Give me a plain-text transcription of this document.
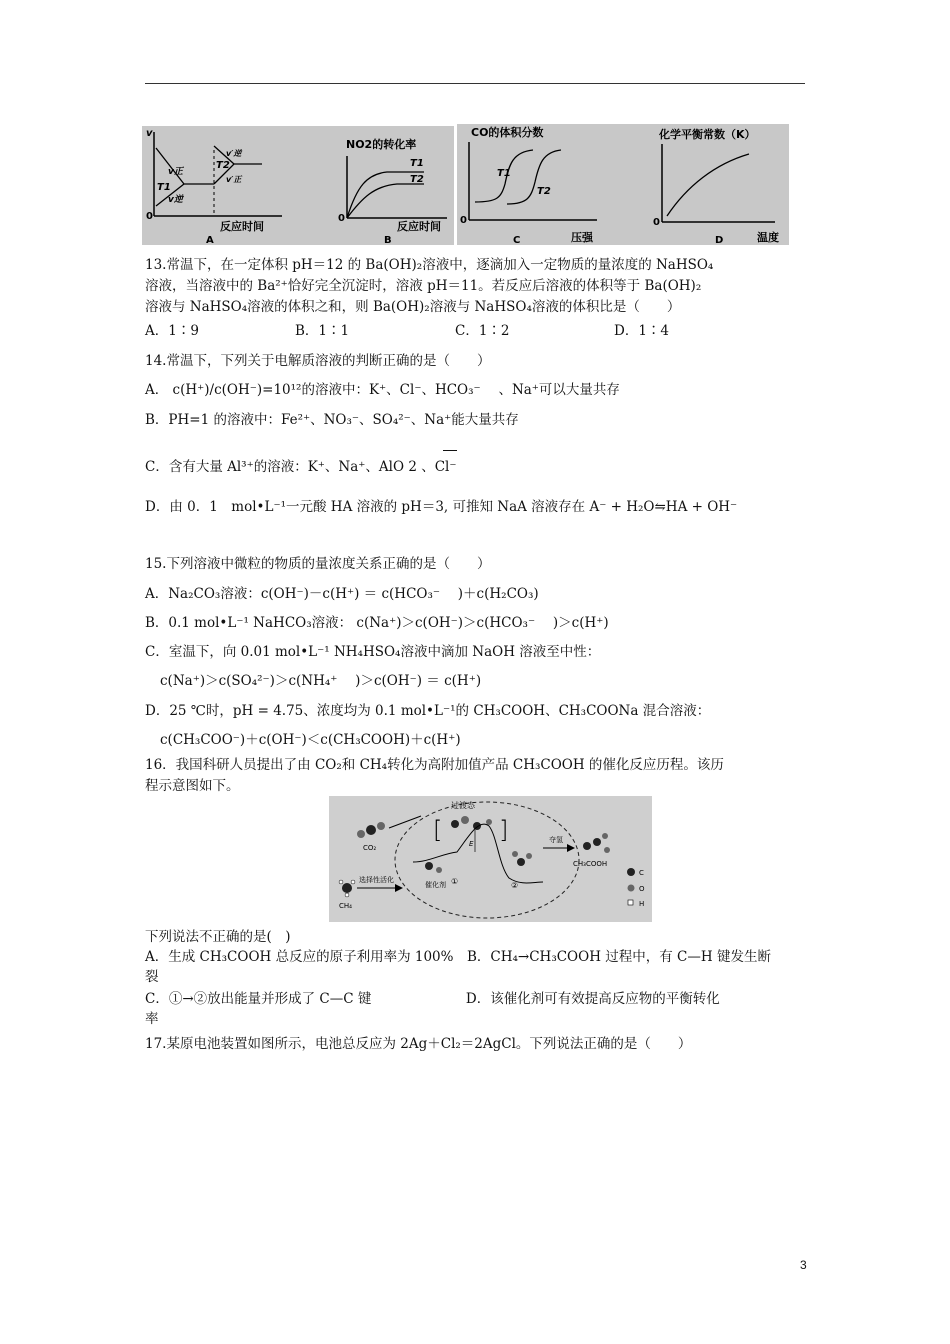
v
0
v正
v逆
T1
T2
v′逆
v′正
反应时间
A
NO2的转化率
0
T1
T2
反应时间
B
CO的体积分数
0
T1
T2
压强
C
化学平衡常数（K）
0
温度
D
13.常温下，在一定体积 pH＝12 的 Ba(OH)₂溶液中，逐滴加入一定物质的量浓度的 NaHSO₄
溶液，当溶液中的 Ba²⁺恰好完全沉淀时，溶液 pH＝11。若反应后溶液的体积等于 Ba(OH)₂
溶液与 NaHSO₄溶液的体积之和，则 Ba(OH)₂溶液与 NaHSO₄溶液的体积比是（　　）
A．1∶9	B．1∶1	C．1∶2	D．1∶4
14.常温下，下列关于电解质溶液的判断正确的是（　　）
A． c(H⁺)/c(OH⁻)=10¹²的溶液中：K⁺、Cl⁻、HCO₃⁻　 、Na⁺可以大量共存
B．PH=1 的溶液中：Fe²⁺、NO₃⁻、SO₄²⁻、Na⁺能大量共存
C．含有大量 Al³⁺的溶液：K⁺、Na⁺、AlO 2 、Cl⁻
D．由 0．1　mol•L⁻¹一元酸 HA 溶液的 pH＝3, 可推知 NaA 溶液存在 A⁻ + H₂O⇋HA + OH⁻
15.下列溶液中微粒的物质的量浓度关系正确的是（　　）
A．Na₂CO₃溶液：c(OH⁻)－c(H⁺) ＝ c(HCO₃⁻　 )＋c(H₂CO₃)
B．0.1 mol•L⁻¹ NaHCO₃溶液： c(Na⁺)＞c(OH⁻)＞c(HCO₃⁻　 )＞c(H⁺)
C．室温下，向 0.01 mol•L⁻¹ NH₄HSO₄溶液中滴加 NaOH 溶液至中性：
c(Na⁺)＞c(SO₄²⁻)＞c(NH₄⁺　 )＞c(OH⁻) ＝ c(H⁺)
D．25 ℃时，pH = 4.75、浓度均为 0.1 mol•L⁻¹的 CH₃COOH、CH₃COONa 混合溶液：
c(CH₃COO⁻)＋c(OH⁻)＜c(CH₃COOH)＋c(H⁺)
16．我国科研人员提出了由 CO₂和 CH₄转化为高附加值产品 CH₃COOH 的催化反应历程。该历
程示意图如下。
CO₂
CH₄
选择性活化
过渡态
[ ]
E
催化剂 ①	②
夺氢
CH₃COOH
C
O
H
下列说法不正确的是(　)
A．生成 CH₃COOH 总反应的原子利用率为 100%　B．CH₄→CH₃COOH 过程中，有 C—H 键发生断
裂
C．①→②放出能量并形成了 C—C 键　　　　　　　D．该催化剂可有效提高反应物的平衡转化
率
17.某原电池装置如图所示，电池总反应为 2Ag＋Cl₂＝2AgCl。下列说法正确的是（　　）
3
